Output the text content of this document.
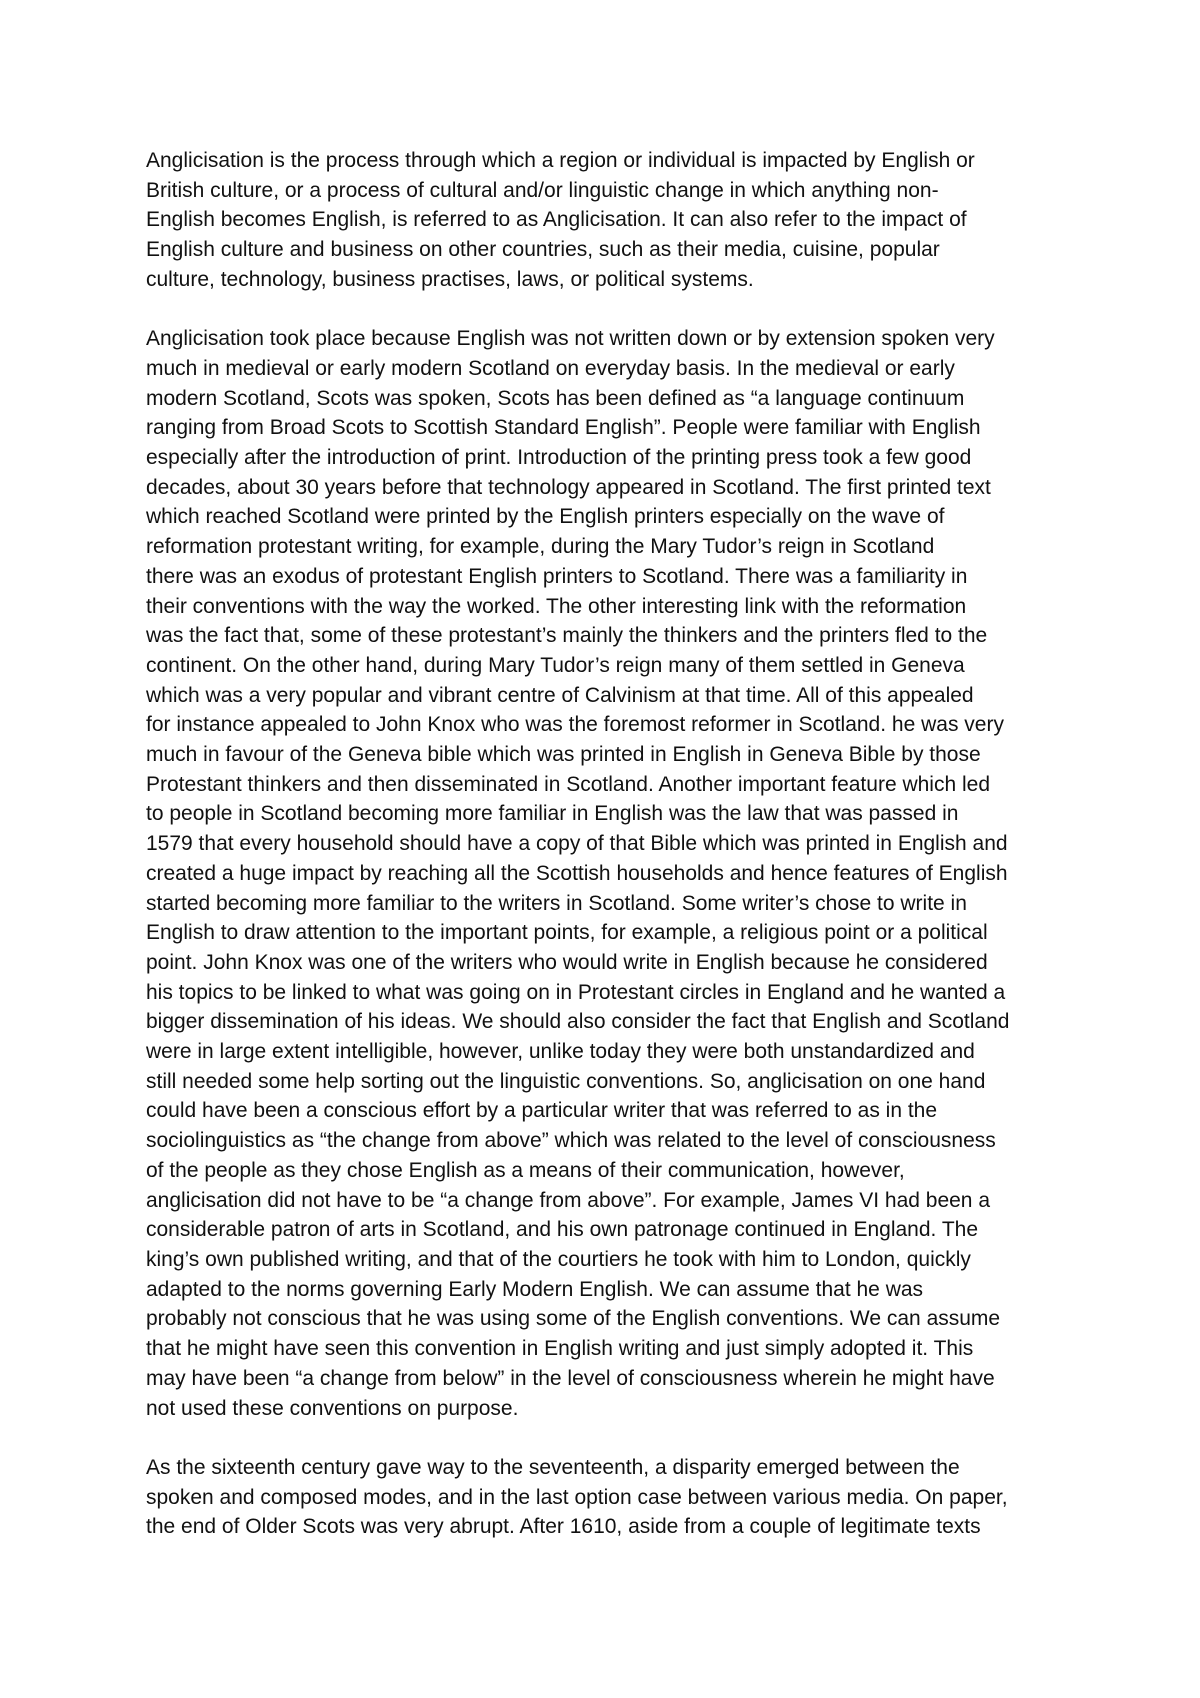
Anglicisation is the process through which a region or individual is impacted by English or
British culture, or a process of cultural and/or linguistic change in which anything non-
English becomes English, is referred to as Anglicisation. It can also refer to the impact of
English culture and business on other countries, such as their media, cuisine, popular
culture, technology, business practises, laws, or political systems.
Anglicisation took place because English was not written down or by extension spoken very
much in medieval or early modern Scotland on everyday basis. In the medieval or early
modern Scotland, Scots was spoken, Scots has been defined as “a language continuum
ranging from Broad Scots to Scottish Standard English”. People were familiar with English
especially after the introduction of print. Introduction of the printing press took a few good
decades, about 30 years before that technology appeared in Scotland. The first printed text
which reached Scotland were printed by the English printers especially on the wave of
reformation protestant writing, for example, during the Mary Tudor’s reign in Scotland
there was an exodus of protestant English printers to Scotland. There was a familiarity in
their conventions with the way the worked. The other interesting link with the reformation
was the fact that, some of these protestant’s mainly the thinkers and the printers fled to the
continent. On the other hand, during Mary Tudor’s reign many of them settled in Geneva
which was a very popular and vibrant centre of Calvinism at that time. All of this appealed
for instance appealed to John Knox who was the foremost reformer in Scotland. he was very
much in favour of the Geneva bible which was printed in English in Geneva Bible by those
Protestant thinkers and then disseminated in Scotland. Another important feature which led
to people in Scotland becoming more familiar in English was the law that was passed in
1579 that every household should have a copy of that Bible which was printed in English and
created a huge impact by reaching all the Scottish households and hence features of English
started becoming more familiar to the writers in Scotland. Some writer’s chose to write in
English to draw attention to the important points, for example, a religious point or a political
point. John Knox was one of the writers who would write in English because he considered
his topics to be linked to what was going on in Protestant circles in England and he wanted a
bigger dissemination of his ideas. We should also consider the fact that English and Scotland
were in large extent intelligible, however, unlike today they were both unstandardized and
still needed some help sorting out the linguistic conventions. So, anglicisation on one hand
could have been a conscious effort by a particular writer that was referred to as in the
sociolinguistics as “the change from above” which was related to the level of consciousness
of the people as they chose English as a means of their communication, however,
anglicisation did not have to be “a change from above”. For example, James VI had been a
considerable patron of arts in Scotland, and his own patronage continued in England. The
king’s own published writing, and that of the courtiers he took with him to London, quickly
adapted to the norms governing Early Modern English. We can assume that he was
probably not conscious that he was using some of the English conventions. We can assume
that he might have seen this convention in English writing and just simply adopted it. This
may have been “a change from below” in the level of consciousness wherein he might have
not used these conventions on purpose.
As the sixteenth century gave way to the seventeenth, a disparity emerged between the
spoken and composed modes, and in the last option case between various media. On paper,
the end of Older Scots was very abrupt. After 1610, aside from a couple of legitimate texts
